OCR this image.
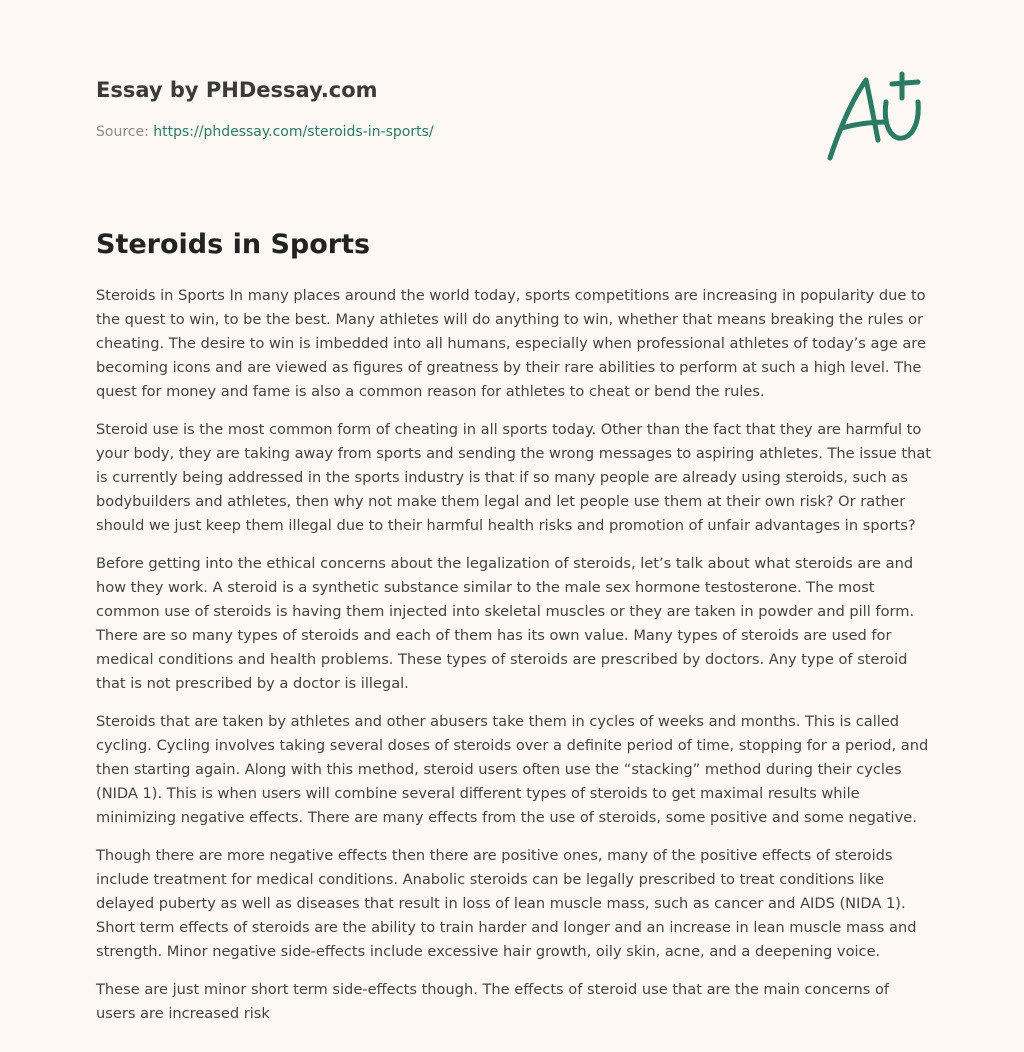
Essay by PHDessay.com
Source: https://phdessay.com/steroids-in-sports/
Steroids in Sports

Steroids in Sports In many places around the world today, sports competitions are increasing in popularity due to the quest to win, to be the best. Many athletes will do anything to win, whether that means breaking the rules or cheating. The desire to win is imbedded into all humans, especially when professional athletes of today’s age are becoming icons and are viewed as figures of greatness by their rare abilities to perform at such a high level. The quest for money and fame is also a common reason for athletes to cheat or bend the rules.

Steroid use is the most common form of cheating in all sports today. Other than the fact that they are harmful to your body, they are taking away from sports and sending the wrong messages to aspiring athletes. The issue that is currently being addressed in the sports industry is that if so many people are already using steroids, such as bodybuilders and athletes, then why not make them legal and let people use them at their own risk? Or rather should we just keep them illegal due to their harmful health risks and promotion of unfair advantages in sports?

Before getting into the ethical concerns about the legalization of steroids, let’s talk about what steroids are and how they work. A steroid is a synthetic substance similar to the male sex hormone testosterone. The most common use of steroids is having them injected into skeletal muscles or they are taken in powder and pill form. There are so many types of steroids and each of them has its own value. Many types of steroids are used for medical conditions and health problems. These types of steroids are prescribed by doctors. Any type of steroid that is not prescribed by a doctor is illegal.

Steroids that are taken by athletes and other abusers take them in cycles of weeks and months. This is called cycling. Cycling involves taking several doses of steroids over a definite period of time, stopping for a period, and then starting again. Along with this method, steroid users often use the “stacking” method during their cycles (NIDA 1). This is when users will combine several different types of steroids to get maximal results while minimizing negative effects. There are many effects from the use of steroids, some positive and some negative.

Though there are more negative effects then there are positive ones, many of the positive effects of steroids include treatment for medical conditions. Anabolic steroids can be legally prescribed to treat conditions like delayed puberty as well as diseases that result in loss of lean muscle mass, such as cancer and AIDS (NIDA 1). Short term effects of steroids are the ability to train harder and longer and an increase in lean muscle mass and strength. Minor negative side-effects include excessive hair growth, oily skin, acne, and a deepening voice.

These are just minor short term side-effects though. The effects of steroid use that are the main concerns of users are increased risk
